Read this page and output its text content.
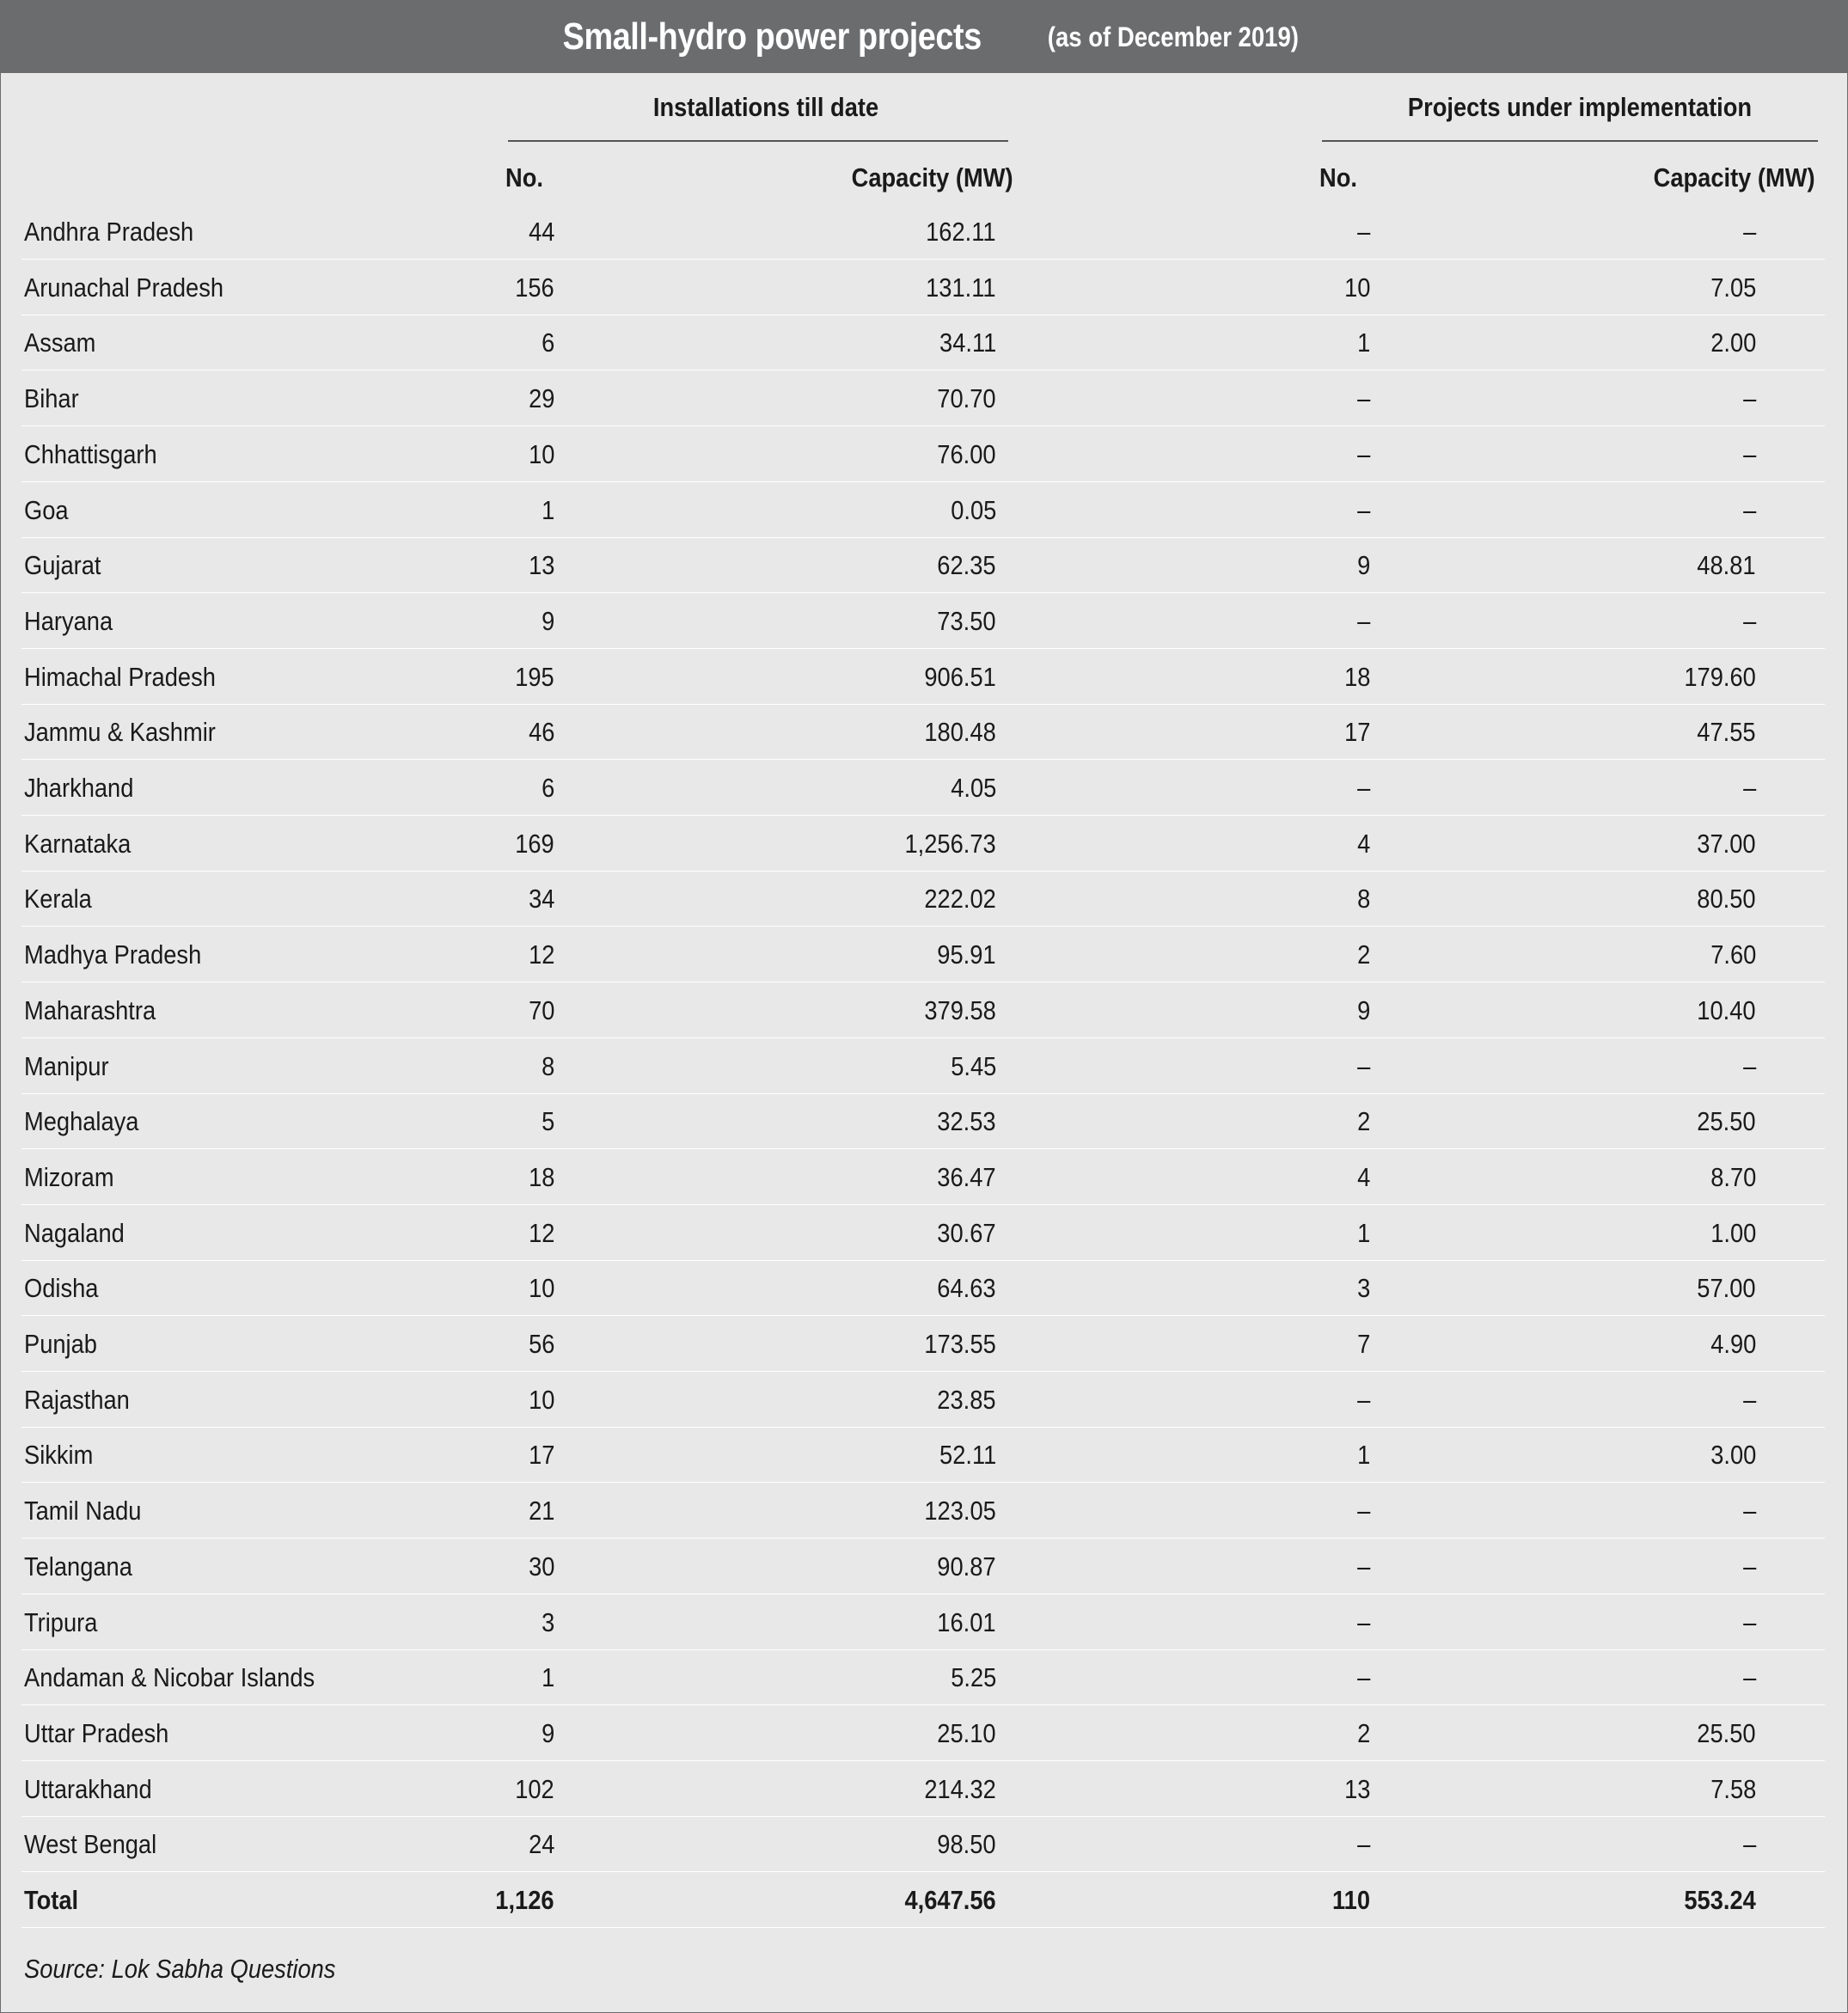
Small-hydro power projects (as of December 2019)
Installations till date	Projects under implementation
No.	Capacity (MW)	No.	Capacity (MW)
Andhra Pradesh	44	162.11	–	–
Arunachal Pradesh	156	131.11	10	7.05
Assam	6	34.11	1	2.00
Bihar	29	70.70	–	–
Chhattisgarh	10	76.00	–	–
Goa	1	0.05	–	–
Gujarat	13	62.35	9	48.81
Haryana	9	73.50	–	–
Himachal Pradesh	195	906.51	18	179.60
Jammu & Kashmir	46	180.48	17	47.55
Jharkhand	6	4.05	–	–
Karnataka	169	1,256.73	4	37.00
Kerala	34	222.02	8	80.50
Madhya Pradesh	12	95.91	2	7.60
Maharashtra	70	379.58	9	10.40
Manipur	8	5.45	–	–
Meghalaya	5	32.53	2	25.50
Mizoram	18	36.47	4	8.70
Nagaland	12	30.67	1	1.00
Odisha	10	64.63	3	57.00
Punjab	56	173.55	7	4.90
Rajasthan	10	23.85	–	–
Sikkim	17	52.11	1	3.00
Tamil Nadu	21	123.05	–	–
Telangana	30	90.87	–	–
Tripura	3	16.01	–	–
Andaman & Nicobar Islands	1	5.25	–	–
Uttar Pradesh	9	25.10	2	25.50
Uttarakhand	102	214.32	13	7.58
West Bengal	24	98.50	–	–
Total	1,126	4,647.56	110	553.24
Source: Lok Sabha Questions
